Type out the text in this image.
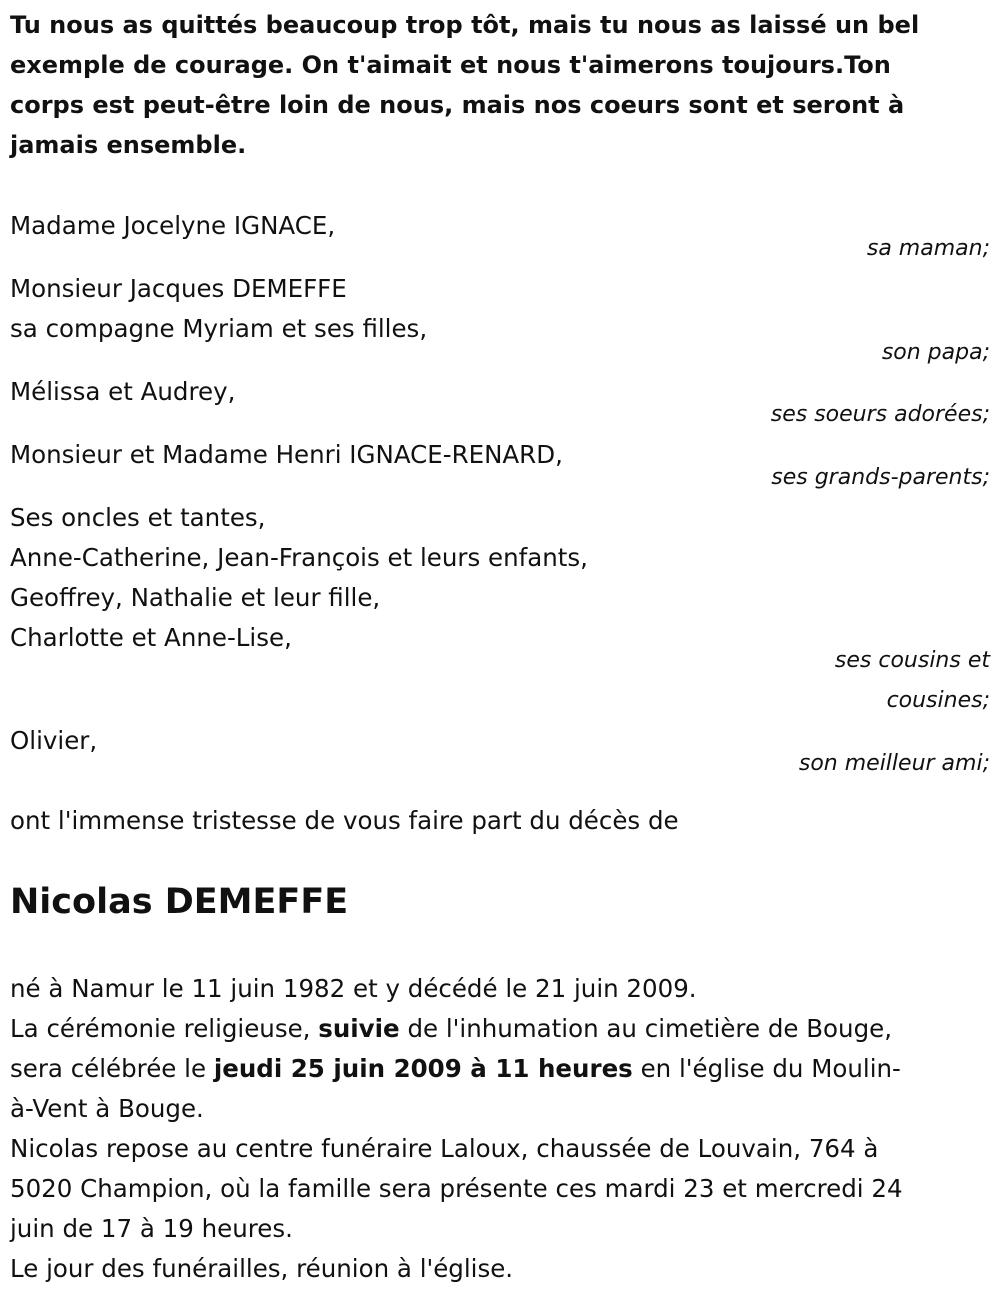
Tu nous as quittés beaucoup trop tôt, mais tu nous as laissé un bel
exemple de courage. On t'aimait et nous t'aimerons toujours.Ton
corps est peut-être loin de nous, mais nos coeurs sont et seront à
jamais ensemble.
Madame Jocelyne IGNACE,
sa maman;
Monsieur Jacques DEMEFFE
sa compagne Myriam et ses filles,
son papa;
Mélissa et Audrey,
ses soeurs adorées;
Monsieur et Madame Henri IGNACE-RENARD,
ses grands-parents;
Ses oncles et tantes,
Anne-Catherine, Jean-François et leurs enfants,
Geoffrey, Nathalie et leur fille,
Charlotte et Anne-Lise,
ses cousins et
cousines;
Olivier,
son meilleur ami;
ont l'immense tristesse de vous faire part du décès de
Nicolas DEMEFFE
né à Namur le 11 juin 1982 et y décédé le 21 juin 2009.
La cérémonie religieuse, suivie de l'inhumation au cimetière de Bouge,
sera célébrée le jeudi 25 juin 2009 à 11 heures en l'église du Moulin-
à-Vent à Bouge.
Nicolas repose au centre funéraire Laloux, chaussée de Louvain, 764 à
5020 Champion, où la famille sera présente ces mardi 23 et mercredi 24
juin de 17 à 19 heures.
Le jour des funérailles, réunion à l'église.
